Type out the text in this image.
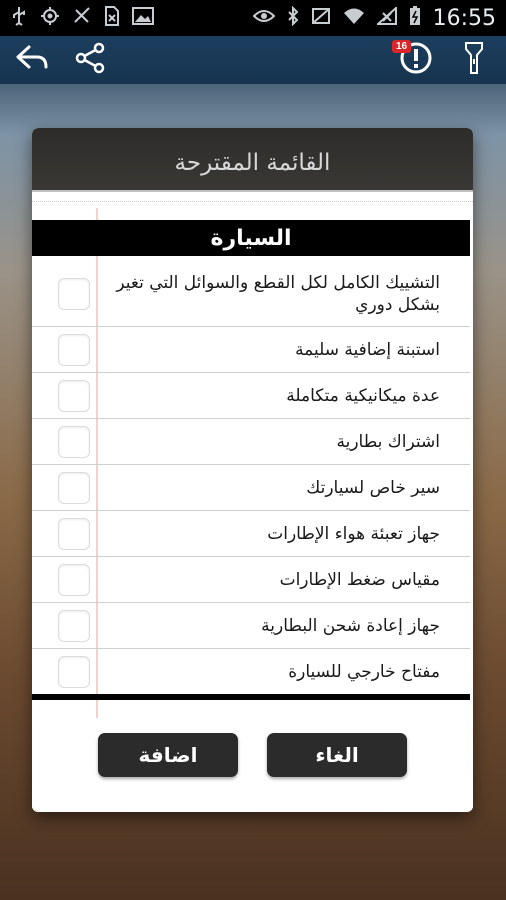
16:55
16
القائمة المقترحة
السيارة
التشييك الكامل لكل القطع والسوائل التي تغير بشكل دوري
استبنة إضافية سليمة
عدة ميكانيكية متكاملة
اشتراك بطارية
سير خاص لسيارتك
جهاز تعبئة هواء الإطارات
مقياس ضغط الإطارات
جهاز إعادة شحن البطارية
مفتاح خارجي للسيارة
اضافة	الغاء
